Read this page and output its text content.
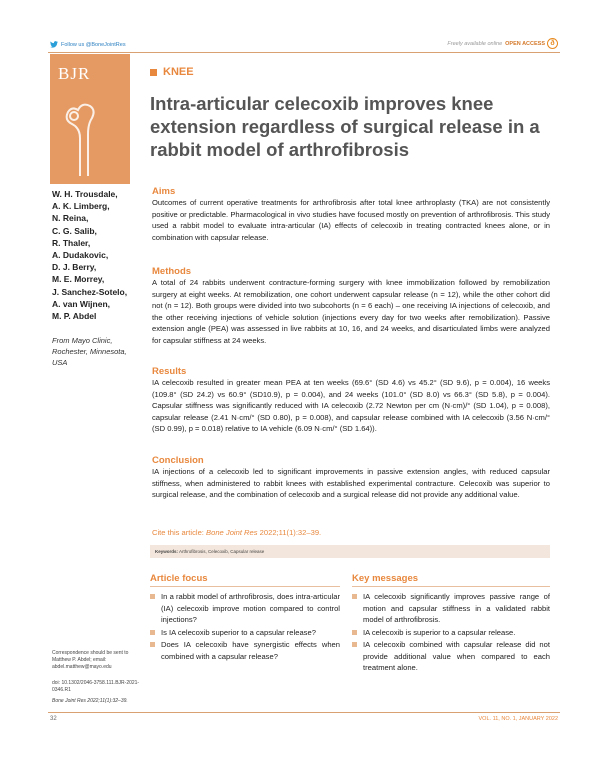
Follow us @BoneJointRes	Freely available online OPEN ACCESS ð
BJR	KNEE
Intra-articular celecoxib improves knee extension regardless of surgical release in a rabbit model of arthrofibrosis
W. H. Trousdale,
A. K. Limberg,
N. Reina,
C. G. Salib,
R. Thaler,
A. Dudakovic,
D. J. Berry,
M. E. Morrey,
J. Sanchez-Sotelo,
A. van Wijnen,
M. P. Abdel
From Mayo Clinic,
Rochester, Minnesota,
USA
Aims
Outcomes of current operative treatments for arthrofibrosis after total knee arthroplasty (TKA) are not consistently positive or predictable. Pharmacological in vivo studies have focused mostly on prevention of arthrofibrosis. This study used a rabbit model to evaluate intra-articular (IA) effects of celecoxib in treating contracted knees alone, or in combination with capsular release.
Methods
A total of 24 rabbits underwent contracture-forming surgery with knee immobilization followed by remobilization surgery at eight weeks. At remobilization, one cohort underwent capsular release (n = 12), while the other cohort did not (n = 12). Both groups were divided into two subcohorts (n = 6 each) – one receiving IA injections of celecoxib, and the other receiving injections of vehicle solution (injections every day for two weeks after remobilization). Passive extension angle (PEA) was assessed in live rabbits at 10, 16, and 24 weeks, and disarticulated limbs were analyzed for capsular stiffness at 24 weeks.
Results
IA celecoxib resulted in greater mean PEA at ten weeks (69.6° (SD 4.6) vs 45.2° (SD 9.6), p = 0.004), 16 weeks (109.8° (SD 24.2) vs 60.9° (SD10.9), p = 0.004), and 24 weeks (101.0° (SD 8.0) vs 66.3° (SD 5.8), p = 0.004). Capsular stiffness was significantly reduced with IA celecoxib (2.72 Newton per cm (N·cm)/° (SD 1.04), p = 0.008), capsular release (2.41 N·cm/° (SD 0.80), p = 0.008), and capsular release combined with IA celecoxib (3.56 N·cm/° (SD 0.99), p = 0.018) relative to IA vehicle (6.09 N·cm/° (SD 1.64)).
Conclusion
IA injections of a celecoxib led to significant improvements in passive extension angles, with reduced capsular stiffness, when administered to rabbit knees with established experimental contracture. Celecoxib was superior to surgical release, and the combination of celecoxib and a surgical release did not provide any additional value.
Cite this article: Bone Joint Res 2022;11(1):32–39.
Keywords: Arthrofibrosis, Celecoxib, Capsular release
Article focus
In a rabbit model of arthrofibrosis, does intra-articular (IA) celecoxib improve motion compared to control injections?
Is IA celecoxib superior to a capsular release?
Does IA celecoxib have synergistic effects when combined with a capsular release?
Key messages
IA celecoxib significantly improves passive range of motion and capsular stiffness in a validated rabbit model of arthrofibrosis.
IA celecoxib is superior to a capsular release.
IA celecoxib combined with capsular release did not provide additional value when compared to each treatment alone.
Correspondence should be sent to Matthew P. Abdel; email: abdel.matthew@mayo.edu
doi: 10.1302/2046-3758.111.BJR-2021-0346.R1
Bone Joint Res 2022;11(1):32–39.
32	VOL. 11, NO. 1, JANUARY 2022
